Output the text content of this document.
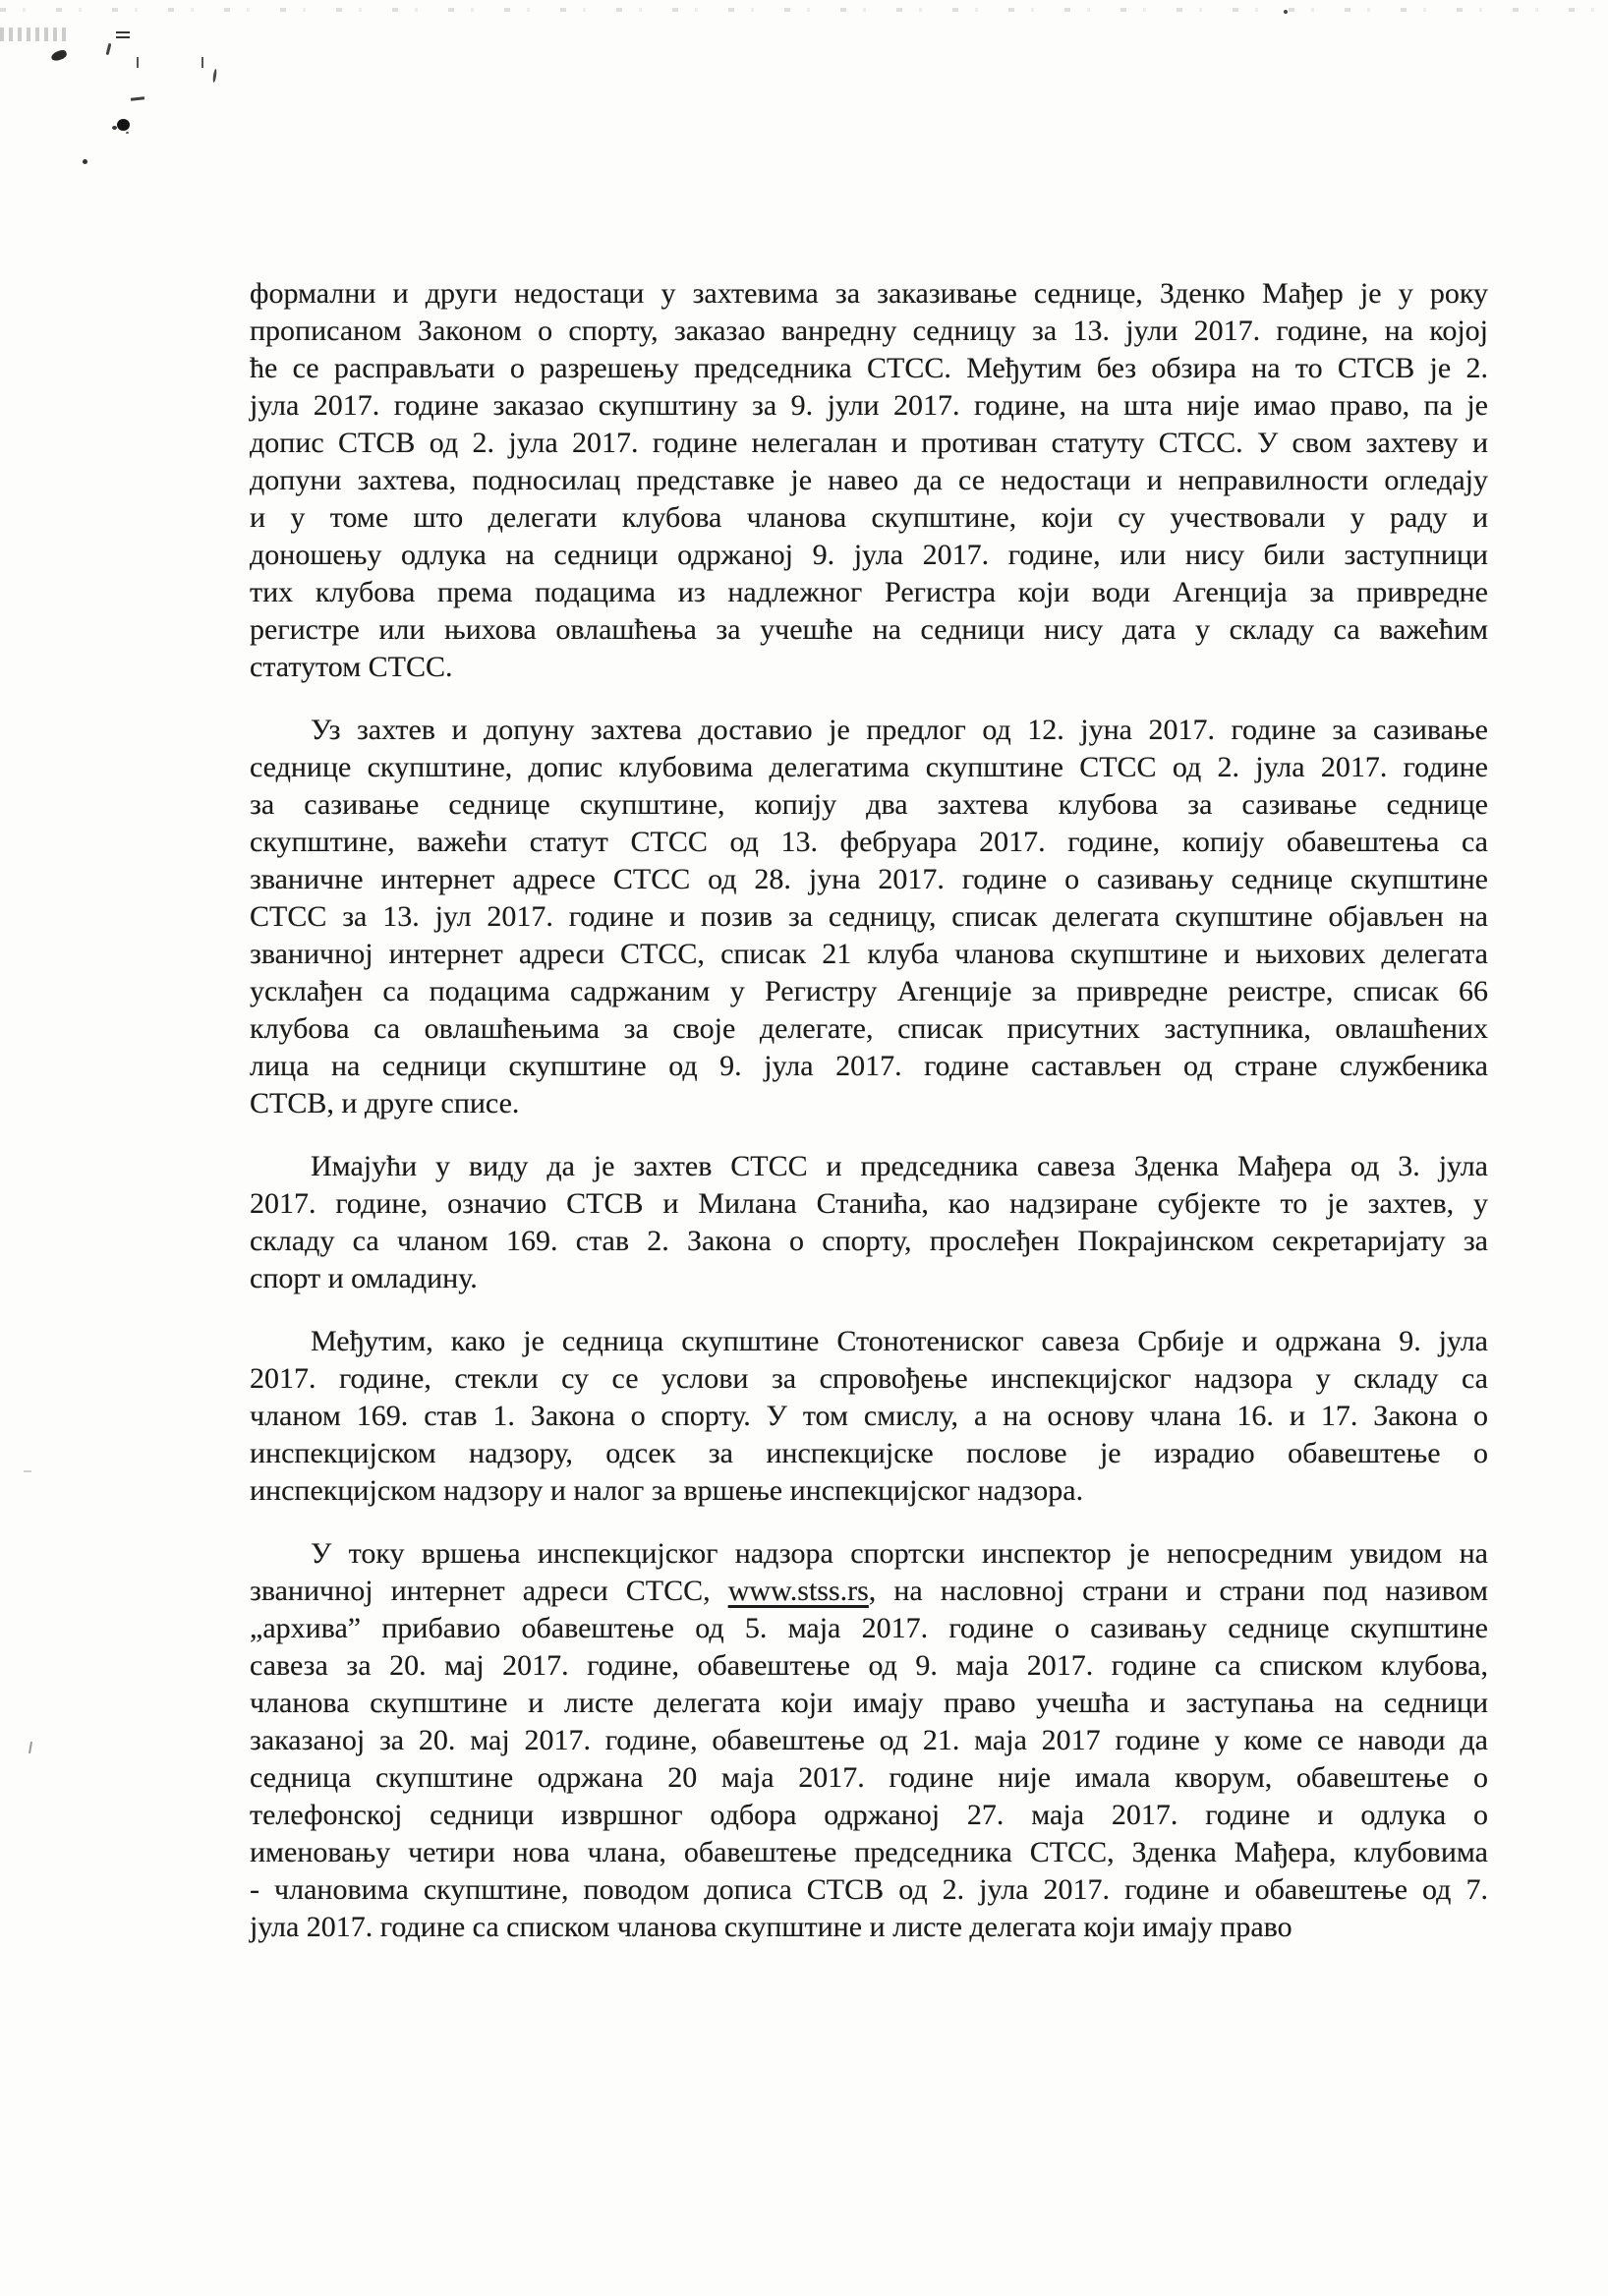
формални и други недостаци у захтевима за заказивање седнице, Зденко Мађер је у року
прописаном Законом о спорту, заказао ванредну седницу за 13. јули 2017. године, на којој
ће се расправљати о разрешењу председника СТСС. Међутим без обзира на то СТСВ је 2.
јула 2017. године заказао скупштину за 9. јули 2017. године, на шта није имао право, па је
допис СТСВ од 2. јула 2017. године нелегалан и противан статуту СТСС. У свом захтеву и
допуни захтева, подносилац представке је навео да се недостаци и неправилности огледају
и у томе што делегати клубова чланова скупштине, који су учествовали у раду и
доношењу одлука на седници одржаној 9. јула 2017. године, или нису били заступници
тих клубова према подацима из надлежног Регистра који води Агенција за привредне
регистре или њихова овлашћења за учешће на седници нису дата у складу са важећим
статутом СТСС.
Уз захтев и допуну захтева доставио је предлог од 12. јуна 2017. године за сазивање
седнице скупштине, допис клубовима делегатима скупштине СТСС од 2. јула 2017. године
за сазивање седнице скупштине, копију два захтева клубова за сазивање седнице
скупштине, важећи статут СТСС од 13. фебруара 2017. године, копију обавештења са
званичне интернет адресе СТСС од 28. јуна 2017. године о сазивању седнице скупштине
СТСС за 13. јул 2017. године и позив за седницу, списак делегата скупштине објављен на
званичној интернет адреси СТСС, списак 21 клуба чланова скупштине и њихових делегата
усклађен са подацима садржаним у Регистру Агенције за привредне реистре, списак 66
клубова са овлашћењима за своје делегате, списак присутних заступника, овлашћених
лица на седници скупштине од 9. јула 2017. године састављен од стране службеника
СТСВ, и друге списе.
Имајући у виду да је захтев СТСС и председника савеза Зденка Мађера од 3. јула
2017. године, означио СТСВ и Милана Станића, као надзиране субјекте то је захтев, у
складу са чланом 169. став 2. Закона о спорту, прослеђен Покрајинском секретаријату за
спорт и омладину.
Међутим, како је седница скупштине Стонотениског савеза Србије и одржана 9. јула
2017. године, стекли су се услови за спровођење инспекцијског надзора у складу са
чланом 169. став 1. Закона о спорту. У том смислу, а на основу члана 16. и 17. Закона о
инспекцијском надзору, одсек за инспекцијске послове је израдио обавештење о
инспекцијском надзору и налог за вршење инспекцијског надзора.
У току вршења инспекцијског надзора спортски инспектор је непосредним увидом на
званичној интернет адреси СТСС, www.stss.rs, на насловној страни и страни под називом
„архива” прибавио обавештење од 5. маја 2017. године о сазивању седнице скупштине
савеза за 20. мај 2017. године, обавештење од 9. маја 2017. године са списком клубова,
чланова скупштине и листе делегата који имају право учешћа и заступања на седници
заказаној за 20. мај 2017. године, обавештење од 21. маја 2017 године у коме се наводи да
седница скупштине одржана 20 маја 2017. године није имала кворум, обавештење о
телефонској седници извршног одбора одржаној 27. маја 2017. године и одлука о
именовању четири нова члана, обавештење председника СТСС, Зденка Мађера, клубовима
- члановима скупштине, поводом дописа СТСВ од 2. јула 2017. године и обавештење од 7.
јула 2017. године са списком чланова скупштине и листе делегата који имају право
